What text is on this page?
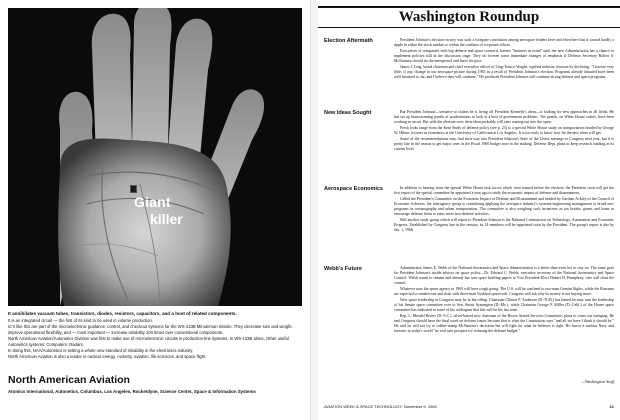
Giant
killer

It annihilates vacuum tubes, transistors, diodes, resistors, capacitors, and a host of related components.

It is an integrated circuit — the first of its kind to be used in volume production.

IC's like this are part of the microelectronic guidance, control, and checkout systems for the WS-133B Minuteman missile. They decrease size and weight, improve operational flexibility, and — most important — increase reliability 100 times over conventional components.

North American Aviation/Autonetics Division was first to make use of microelectronic circuits in production-line systems. In WS-133B alone, Other useful Autonetics systems: Computers. Radars.

In doing this, NAA/Autonetics is setting a whole new standard of reliability in the electronics industry.

North American Aviation is also a leader in nuclear energy, rocketry, aviation, life sciences, and space flight.

North American Aviation
Atomics International, Autonetics, Columbus, Los Angeles, Rocketdyne, Science Center, Space & Information Systems
Washington Roundup
Election Aftermath	President Johnson's election victory was such a foregone conclusion among aerospace leaders here and elsewhere that it caused hardly a ripple in either the stock market or within the confines of corporate offices.

Executives of companies with big defense and space contracts foresee "business as usual" until the new Administration has a chance to implement policies still in the discussion stage. They do foresee some immediate changes of emphasis if Defense Secretary Robert S. McNamara should do the unexpected and leave his post.

James J. Ling, board chairman and chief executive officer of Ling-Temco-Vought, typified industry reaction by declaring: "I foresee very little, if any, change in our aerospace picture during 1965 as a result of President Johnson's election. Programs already initiated have been well financed so far, and I believe they will continue." He predicted President Johnson will continue strong defense and space programs.

New Ideas Sought	But President Johnson—sensitive to claims he is living off President Kennedy's ideas—is looking for new approaches in all fields. He has set up brainstorming panels of academicians to look at a host of government problems. The panels, on White House orders, have been working in secret. But with the election over, their ideas probably will start coming out into the open.

Fresh looks range from the Kent Study of defense policy (see p. 23) to a special White House study on transportation headed by George W. Hilton, lecturer in economics at the University of California at Los Angeles. It is too early to know how far the new ideas will get.

Some of the recommendations may find their way into President Johnson's State of the Union message to Congress next year, but it is pretty late in the season to get major ones in the Fiscal 1966 budget now in the making. Defense Dept. plans to keep research funding at its current level.

Aerospace Economics	In addition to hearing from the special White House task forces which were named before the election, the President soon will get the first report of the special committee he appointed a year ago to study the economic impact of defense and disarmament.

Called the President's Committee on the Economic Impact of Defense and Disarmament and headed by Gardner Ackley of the Council of Economic Advisers, the interagency group is considering applying the aerospace industry's systems-engineering management to broad new programs in oceanography and urban transportation. The committee is also weighing such incentives as tax breaks, grants and loans to encourage defense firms to enter more non-defense activities.

Still another study group which will report to President Johnson is the National Commission on Technology, Automation and Economic Progress. Established by Congress late in the session, its 14 members will be appointed soon by the President. The group's report is due by Jan. 1, 1966.

Webb's Future	Administrator James E. Webb of the National Aeronautics and Space Administration is a better-than-even bet to stay on. The same goes for President Johnson's inside advisor on space policy—Dr. Edward C. Welsh, executive secretary of the National Aeronautics and Space Council. Welsh wants to remain and already has sent space briefing papers to Vice President-Elect Hubert H. Humphrey, who will chair the council.

Whatever uses the space agency in 1965 will have tough going. The U.S. will be confined to two-man Gemini flights, while the Russians are expected to rendezvous and dock with three-man Voskhod spacecraft. Congress will ask why its money is not buying more.

New space leadership in Congress may be in the offing. Chairman Clinton P. Anderson (D.-N.M.) has hinted he may turn the leadership of his Senate space committee over to Sen. Stuart Symington (D.-Mo.), while Chairman George P. Miller (D.-Calif.) of the House space committee has indicated to some of his colleagues that this will be his last term.

Rep. L. Mendel Rivers (D.-S.C.), silver-haired new chairman of the House Armed Services Committee, plans to come out swinging. He and Congress should have the final word on defense issues because that is what the Constitution says "and all we have I think it should be." He said he will not try to rubber-stamp McNamara's decisions but will fight for what he believes is right. He favors a nuclear Navy and foresees in today's world "no real safe prospect for reducing the defense budget."

—Washington Staff
AVIATION WEEK & SPACE TECHNOLOGY, November 9, 1964	21
